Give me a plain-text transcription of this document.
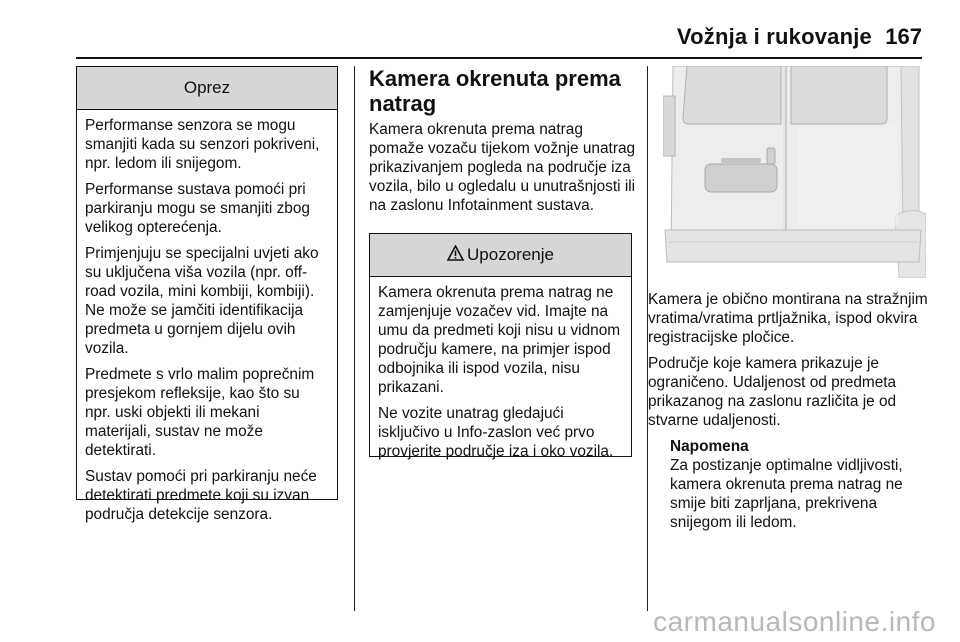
Vožnja i rukovanje 167
Oprez

Performanse senzora se mogu smanjiti kada su senzori pokriveni, npr. ledom ili snijegom.

Performanse sustava pomoći pri parkiranju mogu se smanjiti zbog velikog opterećenja.

Primjenjuju se specijalni uvjeti ako su uključena viša vozila (npr. off-road vozila, mini kombiji, kombiji). Ne može se jamčiti identifikacija predmeta u gornjem dijelu ovih vozila.

Predmete s vrlo malim poprečnim presjekom refleksije, kao što su npr. uski objekti ili mekani materijali, sustav ne može detektirati.

Sustav pomoći pri parkiranju neće detektirati predmete koji su izvan područja detekcije senzora.

Kamera okrenuta prema natrag

Kamera okrenuta prema natrag pomaže vozaču tijekom vožnje unatrag prikazivanjem pogleda na područje iza vozila, bilo u ogledalu u unutrašnjosti ili na zaslonu Infotainment sustava.

Upozorenje

Kamera okrenuta prema natrag ne zamjenjuje vozačev vid. Imajte na umu da predmeti koji nisu u vidnom području kamere, na primjer ispod odbojnika ili ispod vozila, nisu prikazani.

Ne vozite unatrag gledajući isključivo u Info-zaslon već prvo provjerite područje iza i oko vozila.

Kamera je obično montirana na stražnjim vratima/vratima prtljažnika, ispod okvira registracijske pločice.

Područje koje kamera prikazuje je ograničeno. Udaljenost od predmeta prikazanog na zaslonu različita je od stvarne udaljenosti.

Napomena
Za postizanje optimalne vidljivosti, kamera okrenuta prema natrag ne smije biti zaprljana, prekrivena snijegom ili ledom.
carmanualsonline.info
